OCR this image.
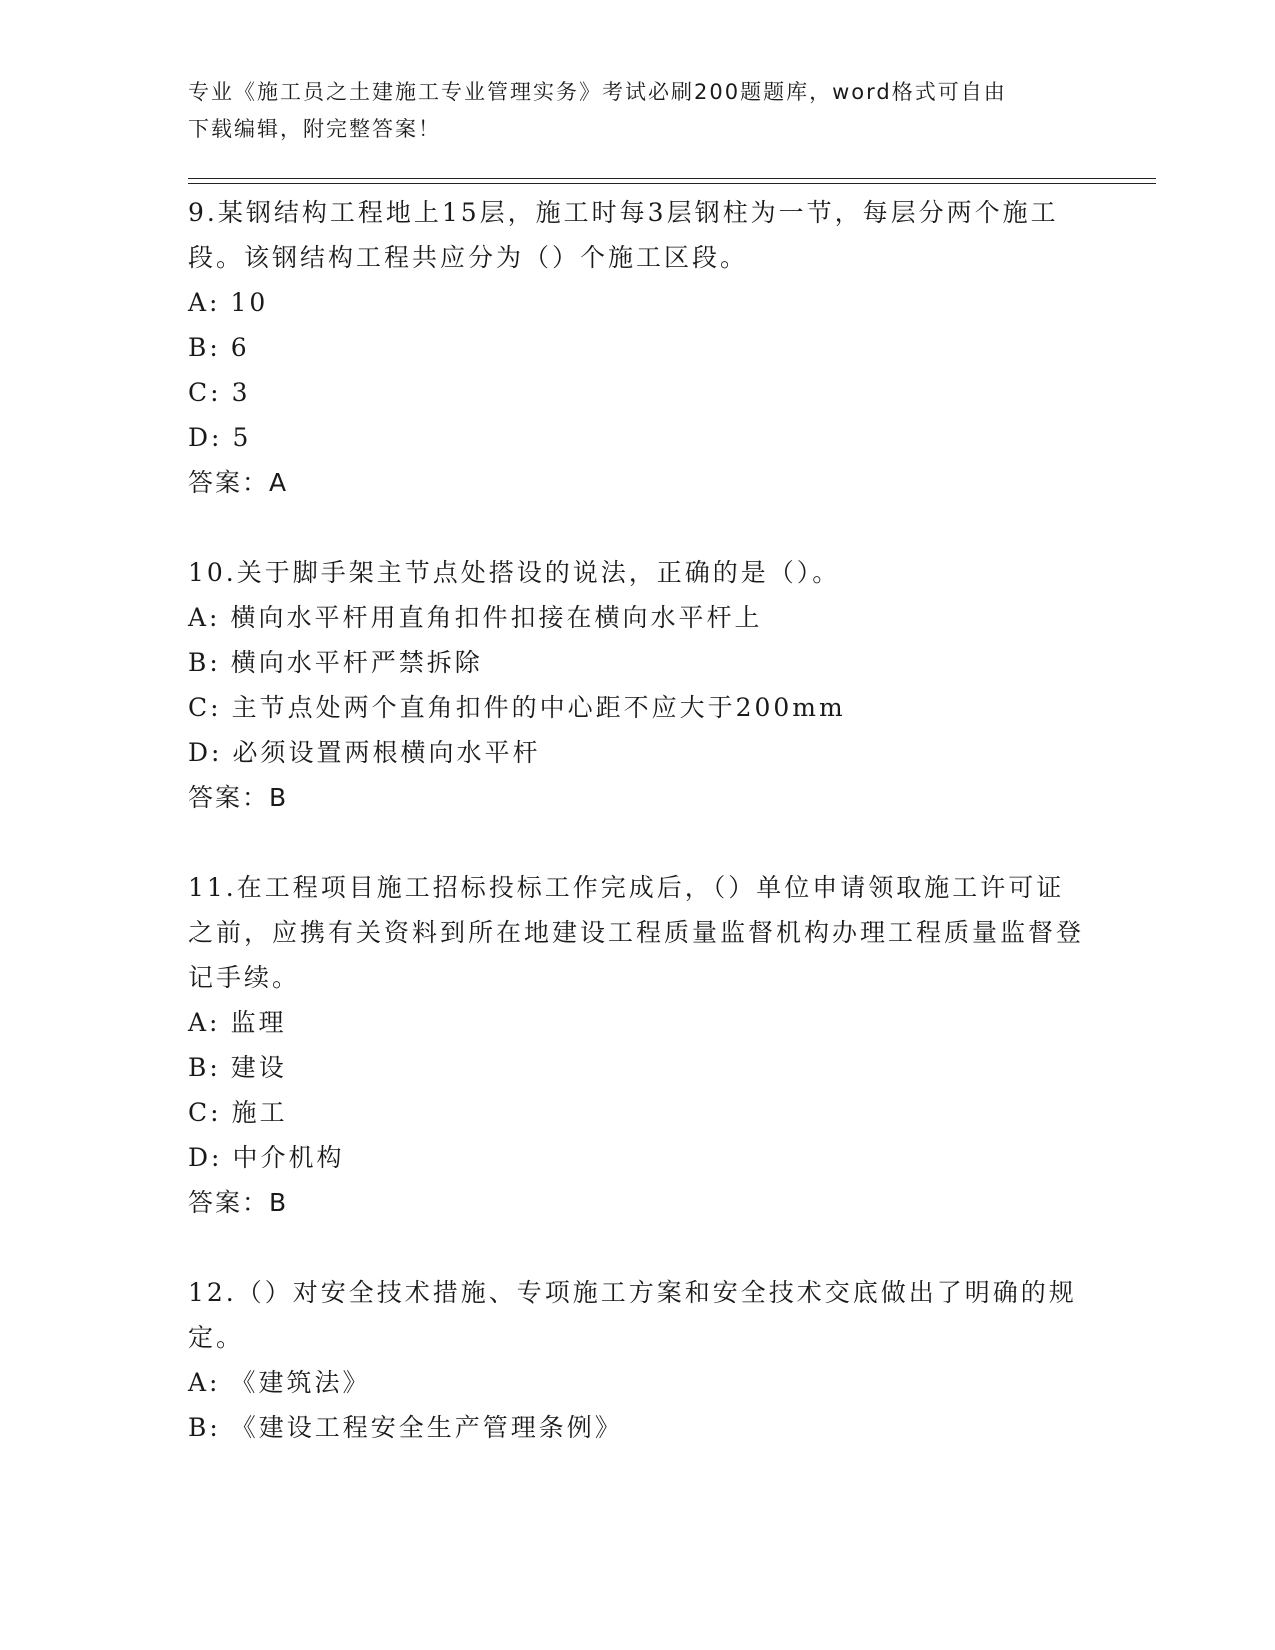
专业《施工员之土建施工专业管理实务》考试必刷200题题库，word格式可自由
下载编辑，附完整答案！

9.某钢结构工程地上15层，施工时每3层钢柱为一节，每层分两个施工段。该钢结构工程共应分为（）个施工区段。

A: 10

B: 6

C: 3

D: 5

答案：A

10.关于脚手架主节点处搭设的说法，正确的是（）。

A: 横向水平杆用直角扣件扣接在横向水平杆上

B: 横向水平杆严禁拆除

C: 主节点处两个直角扣件的中心距不应大于200mm

D: 必须设置两根横向水平杆

答案：B

11.在工程项目施工招标投标工作完成后，（）单位申请领取施工许可证之前，应携有关资料到所在地建设工程质量监督机构办理工程质量监督登记手续。

A: 监理

B: 建设

C: 施工

D: 中介机构

答案：B

12.（）对安全技术措施、专项施工方案和安全技术交底做出了明确的规定。

A: 《建筑法》

B: 《建设工程安全生产管理条例》
